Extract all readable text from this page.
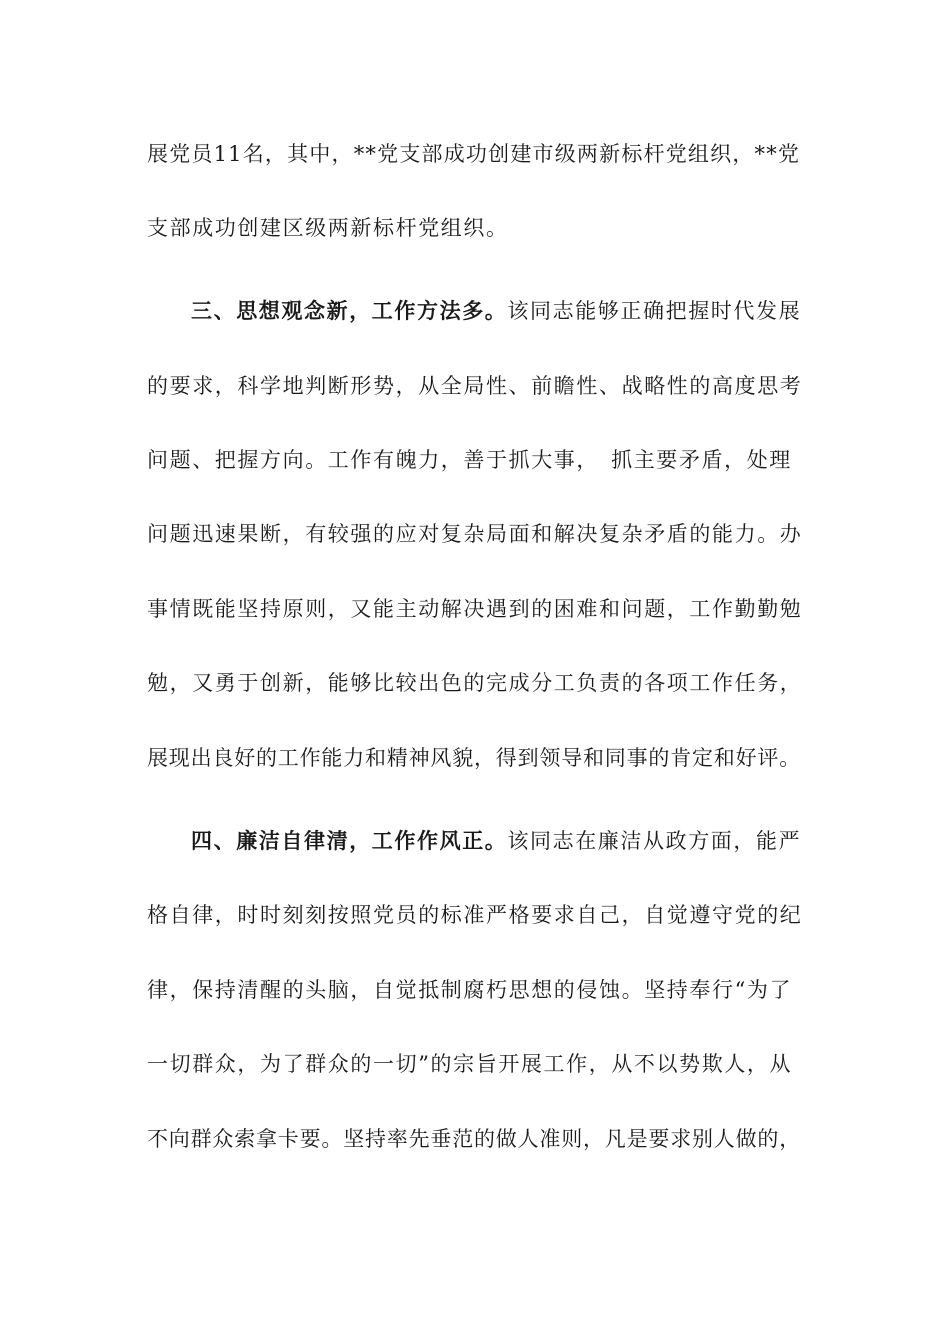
展党员11名，其中，**党支部成功创建市级两新标杆党组织，**党
支部成功创建区级两新标杆党组织。
三、思想观念新，工作方法多。该同志能够正确把握时代发展
的要求，科学地判断形势，从全局性、前瞻性、战略性的高度思考
问题、把握方向。工作有魄力，善于抓大事，　抓主要矛盾，处理
问题迅速果断，有较强的应对复杂局面和解决复杂矛盾的能力。办
事情既能坚持原则，又能主动解决遇到的困难和问题，工作勤勤勉
勉，又勇于创新，能够比较出色的完成分工负责的各项工作任务，
展现出良好的工作能力和精神风貌，得到领导和同事的肯定和好评。
四、廉洁自律清，工作作风正。该同志在廉洁从政方面，能严
格自律，时时刻刻按照党员的标准严格要求自己，自觉遵守党的纪
律，保持清醒的头脑，自觉抵制腐朽思想的侵蚀。坚持奉行“为了
一切群众，为了群众的一切”的宗旨开展工作，从不以势欺人，从
不向群众索拿卡要。坚持率先垂范的做人准则，凡是要求别人做的，
